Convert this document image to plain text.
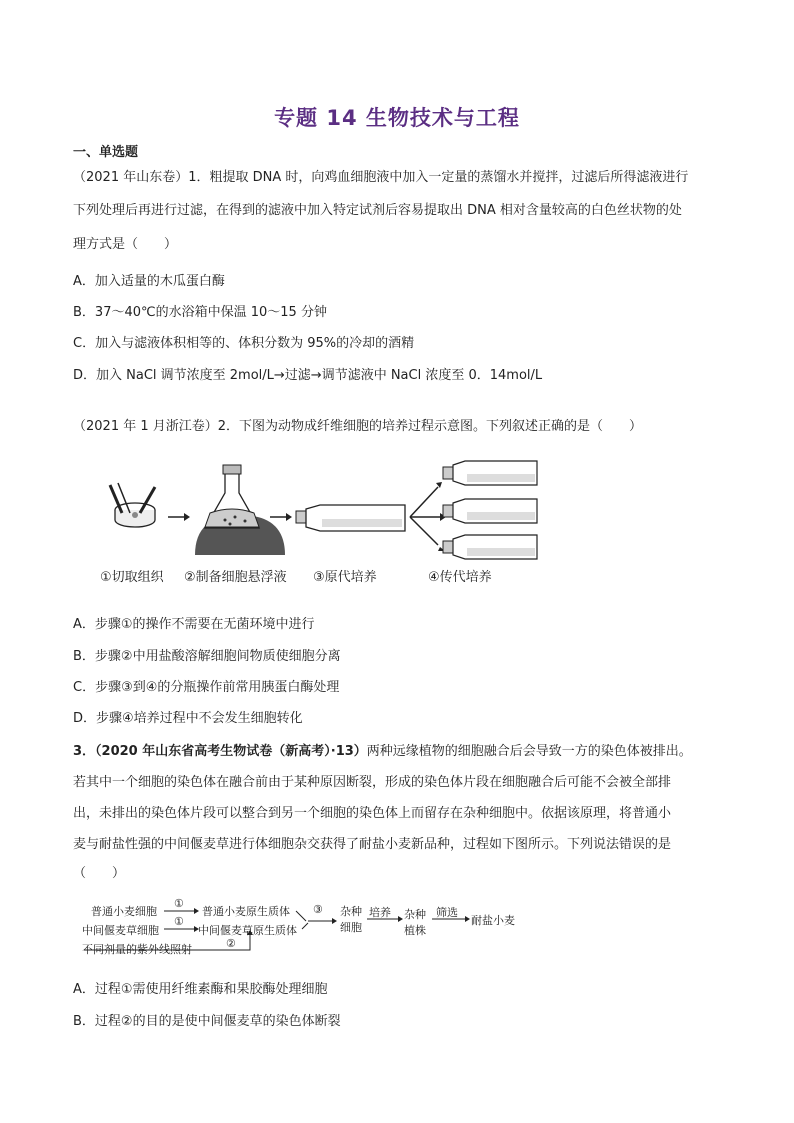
专题 14 生物技术与工程
一、单选题
（2021 年山东卷）1．粗提取 DNA 时，向鸡血细胞液中加入一定量的蒸馏水并搅拌，过滤后所得滤液进行
下列处理后再进行过滤，在得到的滤液中加入特定试剂后容易提取出 DNA 相对含量较高的白色丝状物的处
理方式是（　　）
A．加入适量的木瓜蛋白酶
B．37～40℃的水浴箱中保温 10～15 分钟
C．加入与滤液体积相等的、体积分数为 95%的冷却的酒精
D．加入 NaCl 调节浓度至 2mol/L→过滤→调节滤液中 NaCl 浓度至 0．14mol/L
（2021 年 1 月浙江卷）2．下图为动物成纤维细胞的培养过程示意图。下列叙述正确的是（　　）
①切取组织 ②制备细胞悬浮液 ③原代培养	④传代培养
A．步骤①的操作不需要在无菌环境中进行
B．步骤②中用盐酸溶解细胞间物质使细胞分离
C．步骤③到④的分瓶操作前常用胰蛋白酶处理
D．步骤④培养过程中不会发生细胞转化
3．（2020 年山东省高考生物试卷（新高考）·13）两种远缘植物的细胞融合后会导致一方的染色体被排出。
若其中一个细胞的染色体在融合前由于某种原因断裂，形成的染色体片段在细胞融合后可能不会被全部排
出，未排出的染色体片段可以整合到另一个细胞的染色体上而留存在杂种细胞中。依据该原理，将普通小
麦与耐盐性强的中间偃麦草进行体细胞杂交获得了耐盐小麦新品种，过程如下图所示。下列说法错误的是
（　　）
普通小麦细胞
①
普通小麦原生质体
中间偃麦草细胞
①
中间偃麦草原生质体
不同剂量的紫外线照射	②
③ 杂种
细胞
培养 杂种
植株
筛选
耐盐小麦
A．过程①需使用纤维素酶和果胶酶处理细胞
B．过程②的目的是使中间偃麦草的染色体断裂
